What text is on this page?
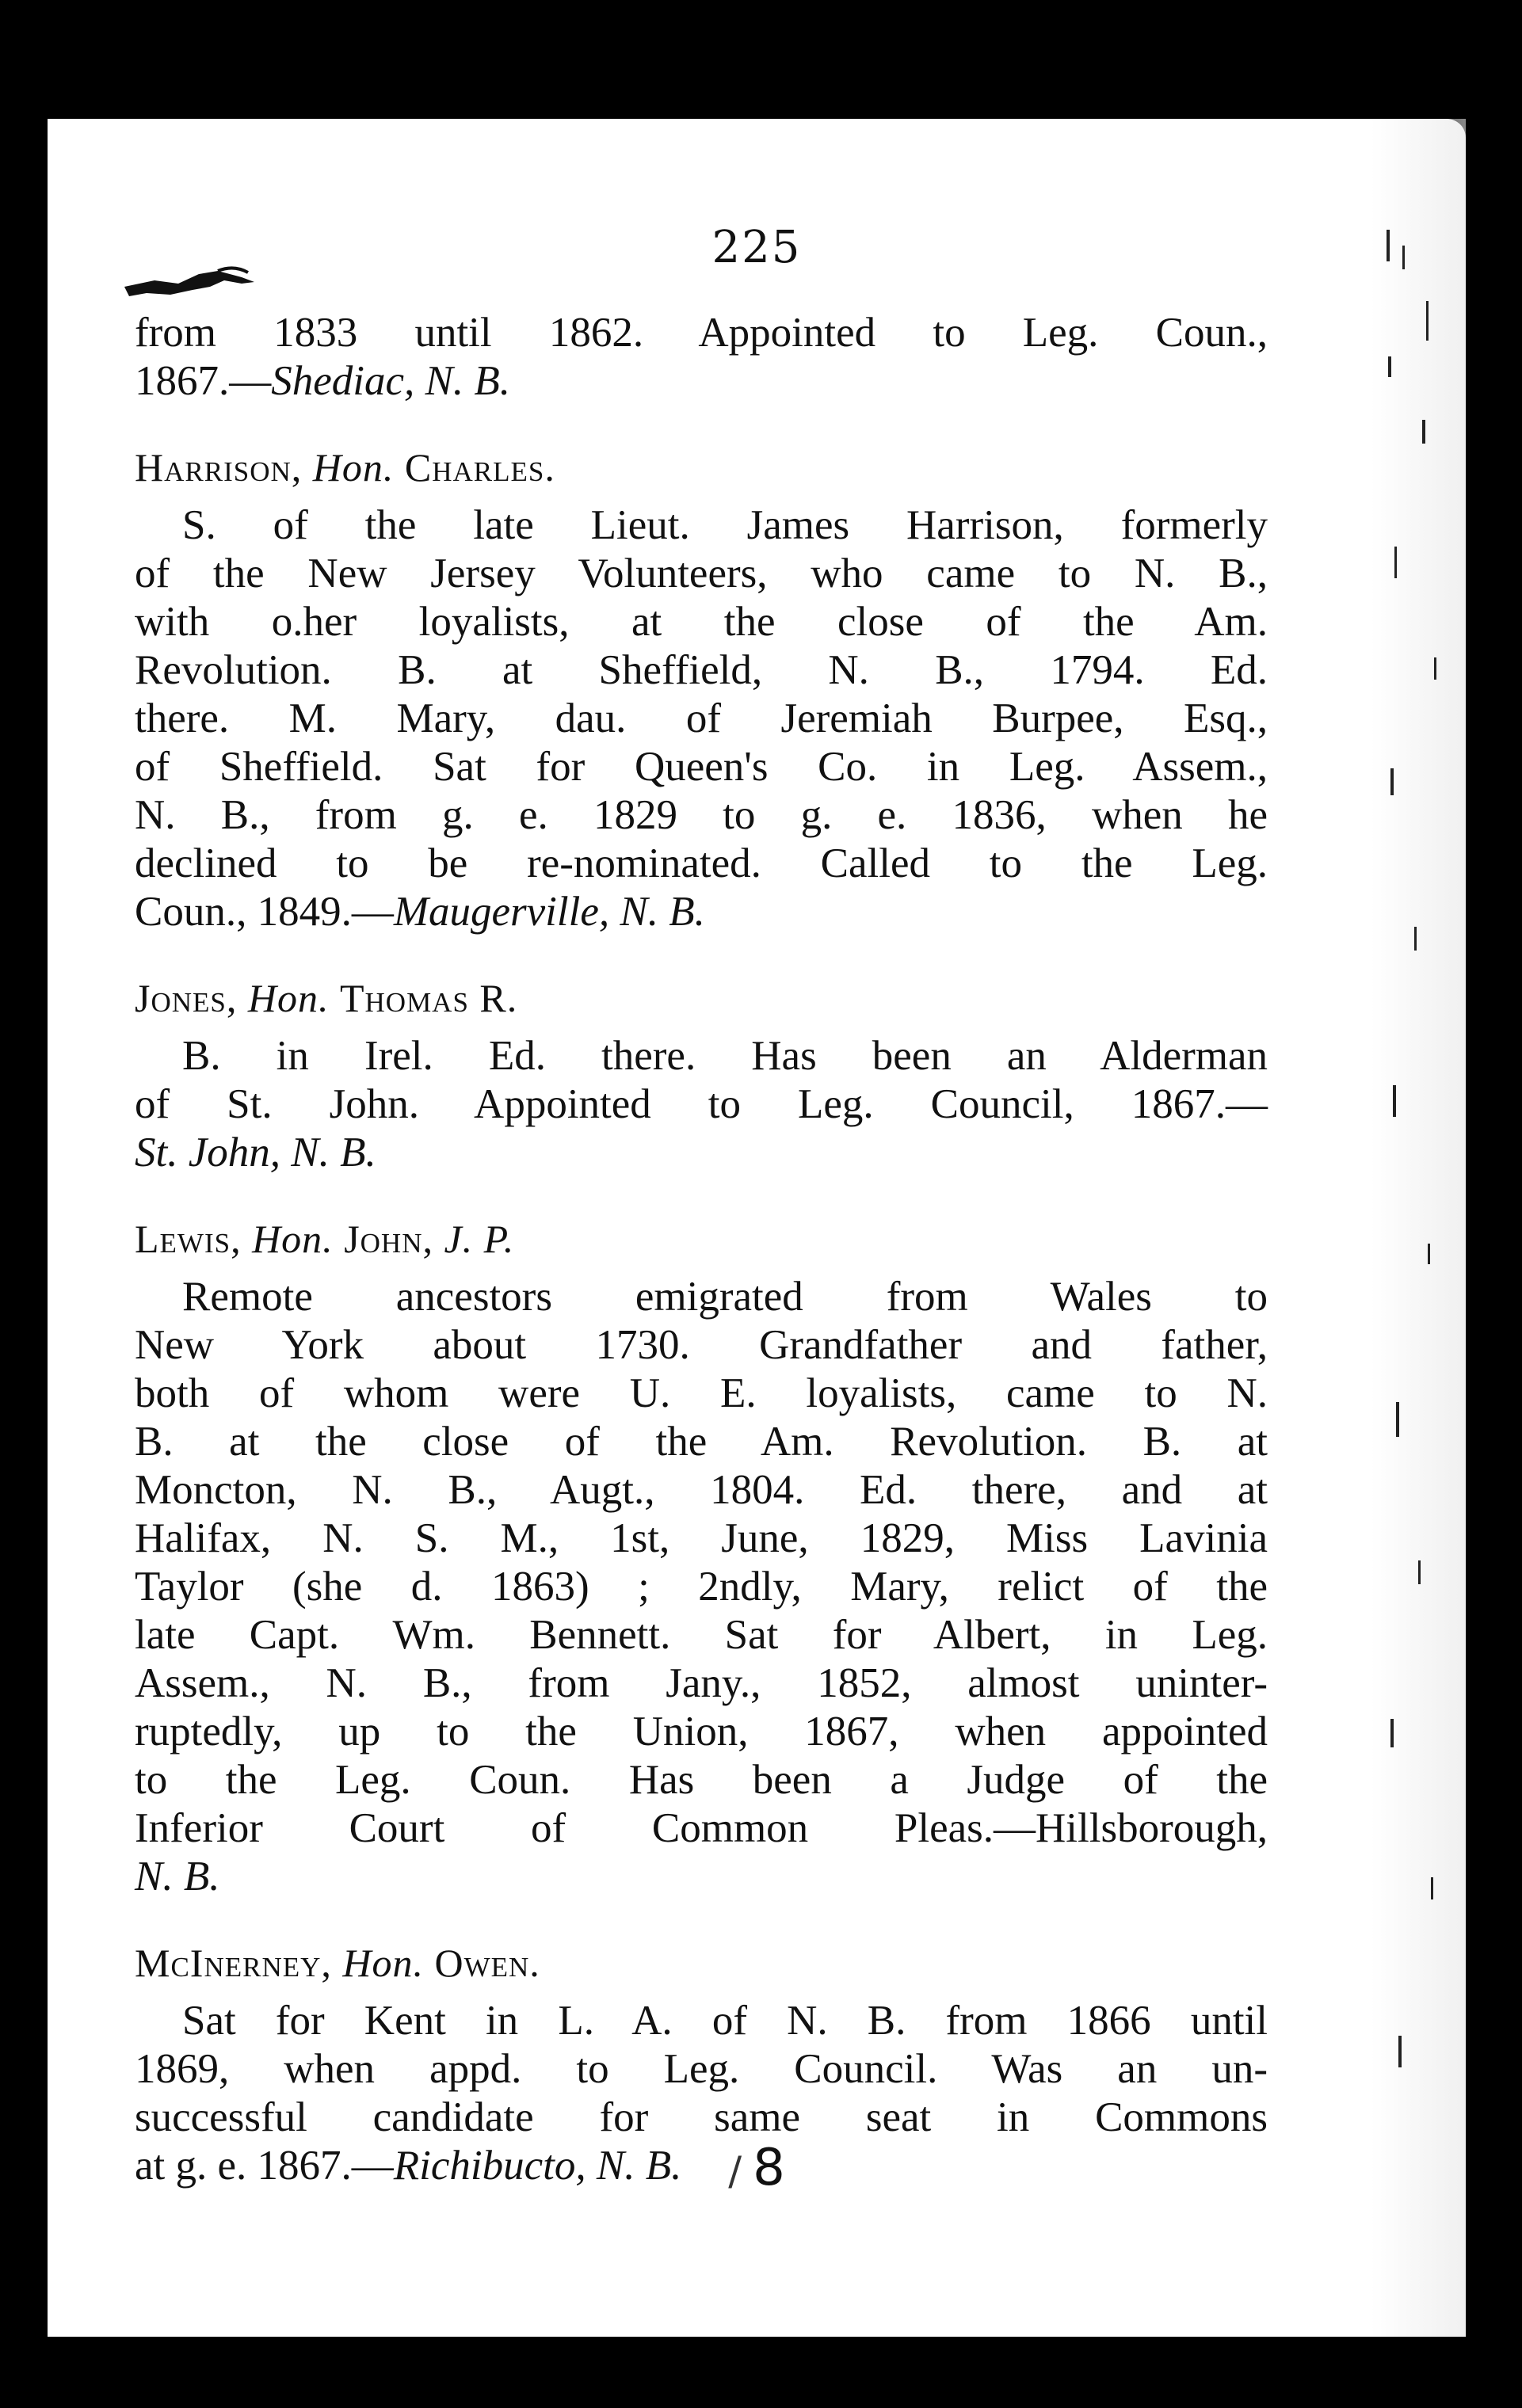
225

from 1833 until 1862. Appointed to Leg. Coun.,
1867.—Shediac, N. B.

Harrison, Hon. Charles.

S. of the late Lieut. James Harrison, formerly
of the New Jersey Volunteers, who came to N. B.,
with o.her loyalists, at the close of the Am.
Revolution. B. at Sheffield, N. B., 1794. Ed.
there. M. Mary, dau. of Jeremiah Burpee, Esq.,
of Sheffield. Sat for Queen's Co. in Leg. Assem.,
N. B., from g. e. 1829 to g. e. 1836, when he
declined to be re-nominated. Called to the Leg.
Coun., 1849.—Maugerville, N. B.

Jones, Hon. Thomas R.

B. in Irel. Ed. there. Has been an Alderman
of St. John. Appointed to Leg. Council, 1867.—
St. John, N. B.

Lewis, Hon. John, J. P.

Remote ancestors emigrated from Wales to
New York about 1730. Grandfather and father,
both of whom were U. E. loyalists, came to N.
B. at the close of the Am. Revolution. B. at
Moncton, N. B., Augt., 1804. Ed. there, and at
Halifax, N. S. M., 1st, June, 1829, Miss Lavinia
Taylor (she d. 1863) ; 2ndly, Mary, relict of the
late Capt. Wm. Bennett. Sat for Albert, in Leg.
Assem., N. B., from Jany., 1852, almost uninter-
ruptedly, up to the Union, 1867, when appointed
to the Leg. Coun. Has been a Judge of the
Inferior Court of Common Pleas.—Hillsborough,
N. B.

McInerney, Hon. Owen.

Sat for Kent in L. A. of N. B. from 1866 until
1869, when appd. to Leg. Council. Was an un-
successful candidate for same seat in Commons
at g. e. 1867.—Richibucto, N. B.	/ 8
